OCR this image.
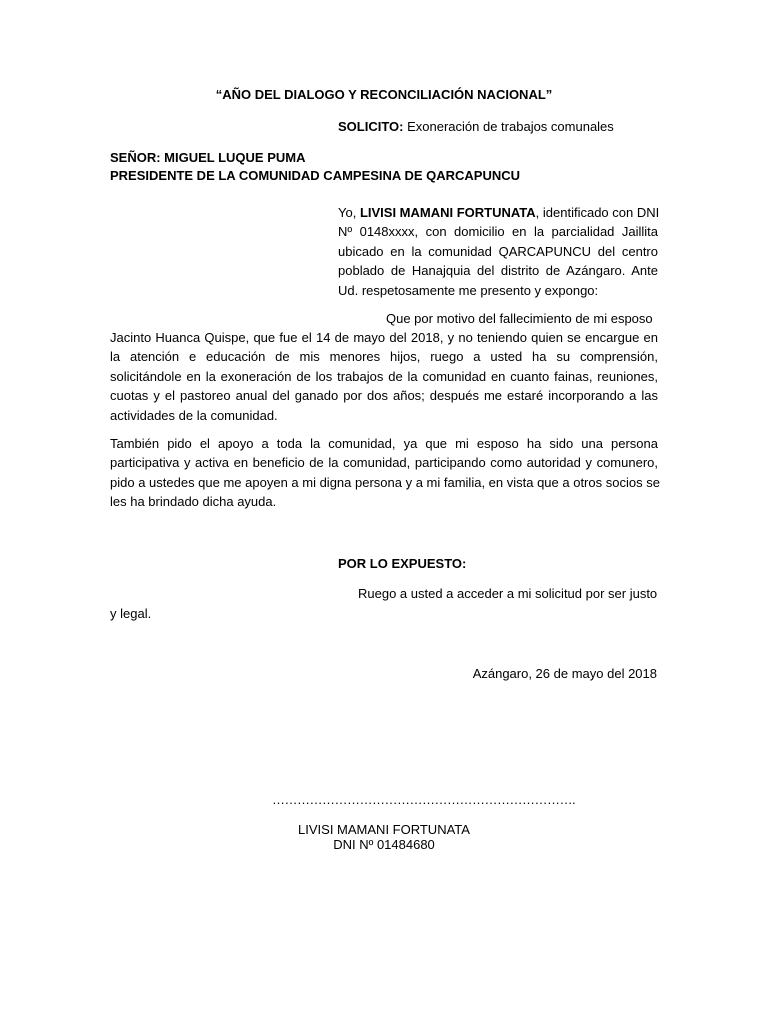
“AÑO DEL DIALOGO Y RECONCILIACIÓN NACIONAL”
SOLICITO: Exoneración de trabajos comunales
SEÑOR: MIGUEL LUQUE PUMA
PRESIDENTE DE LA COMUNIDAD CAMPESINA DE QARCAPUNCU
Yo, LIVISI MAMANI FORTUNATA, identificado con DNI
Nº 0148xxxx, con domicilio en la parcialidad Jaillita
ubicado en la comunidad QARCAPUNCU del centro
poblado de Hanajquia del distrito de Azángaro. Ante
Ud. respetosamente me presento y expongo:
Que por motivo del fallecimiento de mi esposo
Jacinto Huanca Quispe, que fue el 14 de mayo del 2018, y no teniendo quien se encargue en
la atención e educación de mis menores hijos, ruego a usted ha su comprensión,
solicitándole en la exoneración de los trabajos de la comunidad en cuanto fainas, reuniones,
cuotas y el pastoreo anual del ganado por dos años; después me estaré incorporando a las
actividades de la comunidad.
También pido el apoyo a toda la comunidad, ya que mi esposo ha sido una persona
participativa y activa en beneficio de la comunidad, participando como autoridad y comunero,
pido a ustedes que me apoyen a mi digna persona y a mi familia, en vista que a otros socios se
les ha brindado dicha ayuda.
POR LO EXPUESTO:
Ruego a usted a acceder a mi solicitud por ser justo
y legal.
Azángaro, 26 de mayo del 2018
……………………………………………………………….
LIVISI MAMANI FORTUNATA
DNI Nº 01484680
